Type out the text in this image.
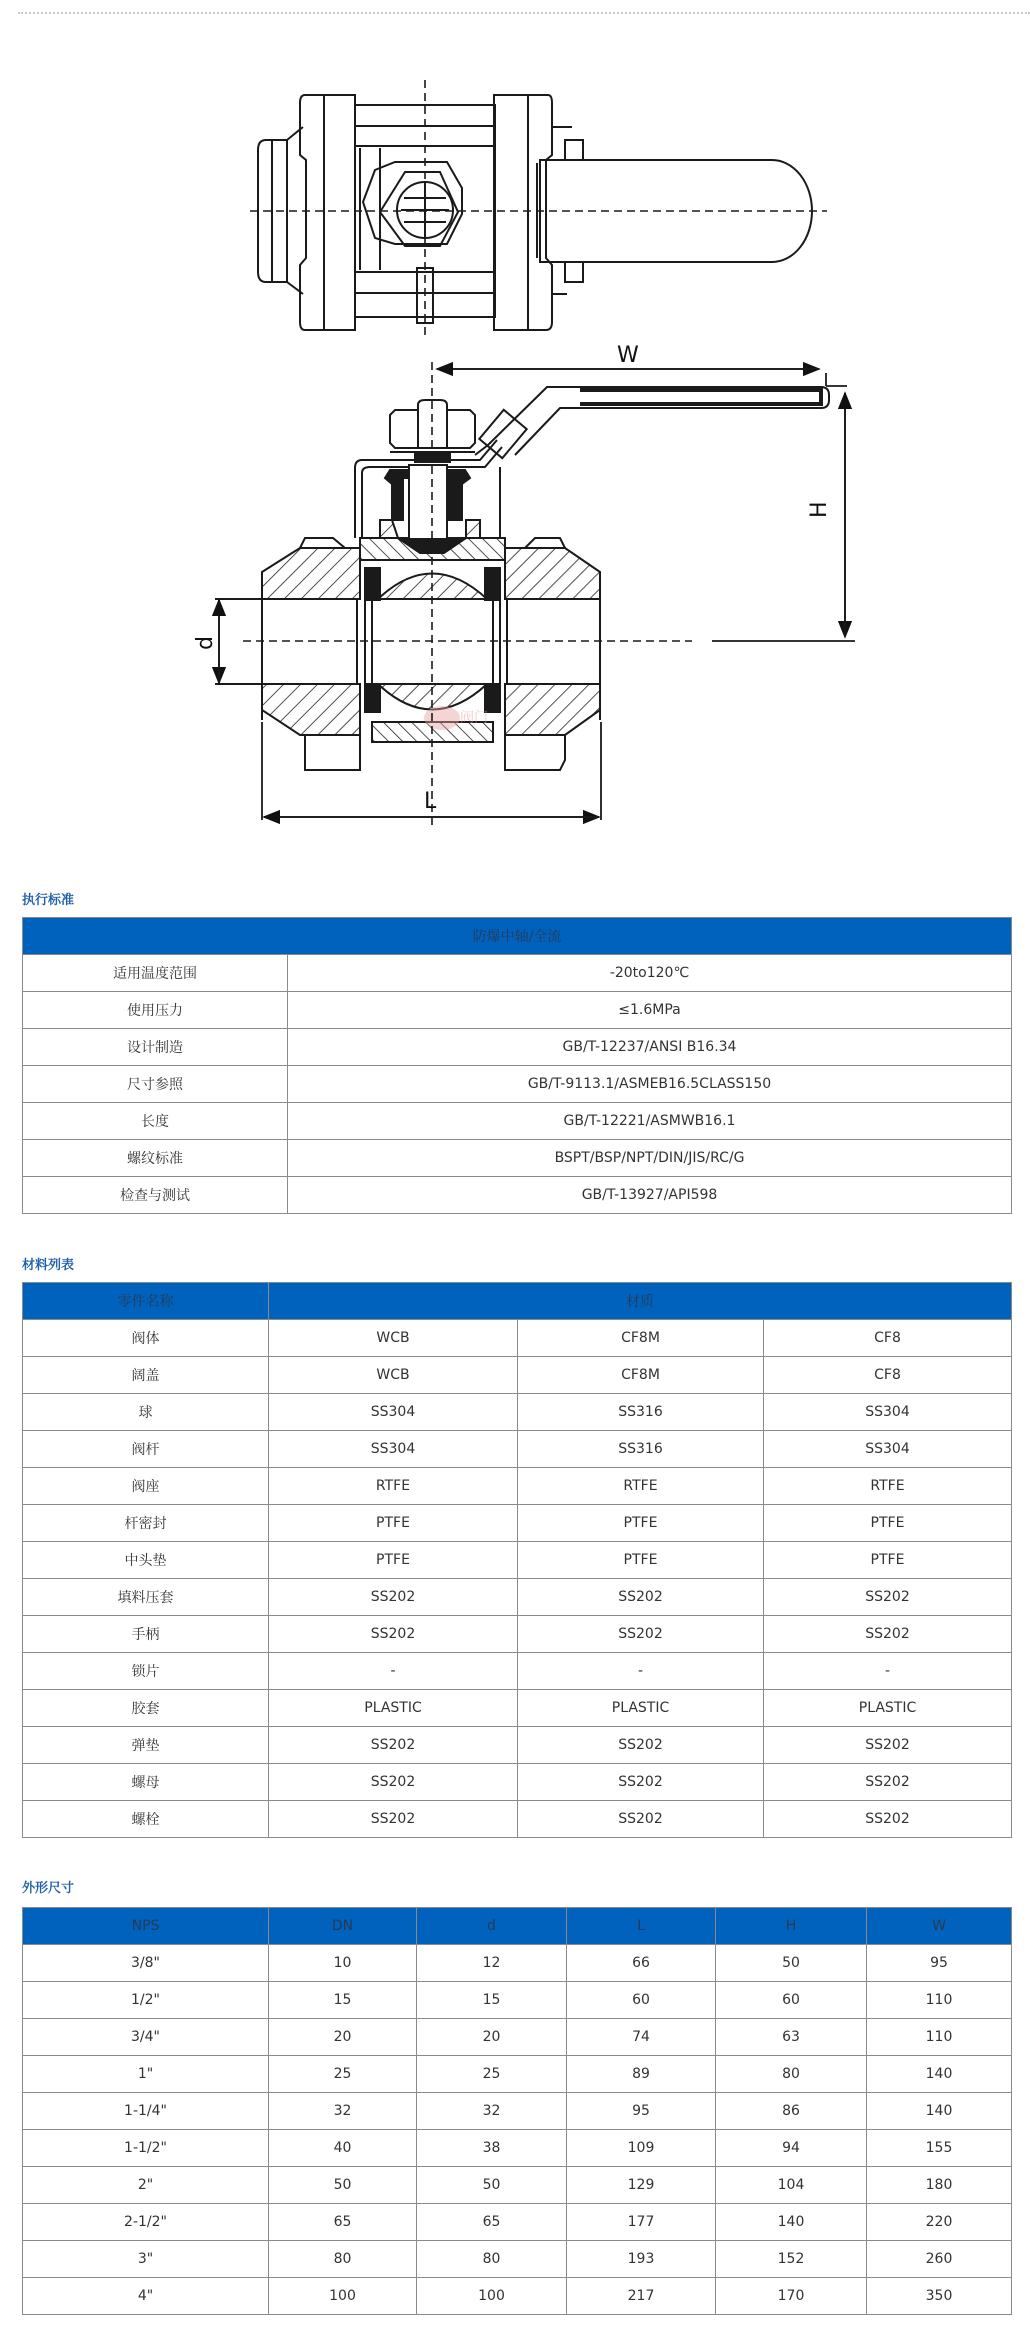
阀门
W
H
d
L
执行标准
防爆中轴/全流	
适用温度范围	-20to120℃
使用压力	≤1.6MPa
设计制造	GB/T-12237/ANSI B16.34
尺寸参照	GB/T-9113.1/ASMEB16.5CLASS150
长度	GB/T-12221/ASMWB16.1
螺纹标准	BSPT/BSP/NPT/DIN/JIS/RC/G
检查与测试	GB/T-13927/API598
材料列表
零件名称	材质		
阀体	WCB	CF8M	CF8
阔盖	WCB	CF8M	CF8
球	SS304	SS316	SS304
阀杆	SS304	SS316	SS304
阀座	RTFE	RTFE	RTFE
杆密封	PTFE	PTFE	PTFE
中头垫	PTFE	PTFE	PTFE
填料压套	SS202	SS202	SS202
手柄	SS202	SS202	SS202
锁片	-	-	-
胶套	PLASTIC	PLASTIC	PLASTIC
弹垫	SS202	SS202	SS202
螺母	SS202	SS202	SS202
螺栓	SS202	SS202	SS202
外形尺寸
NPS	DN	d	L	H	W
3/8"	10	12	66	50	95
1/2"	15	15	60	60	110
3/4"	20	20	74	63	110
1"	25	25	89	80	140
1-1/4"	32	32	95	86	140
1-1/2"	40	38	109	94	155
2"	50	50	129	104	180
2-1/2"	65	65	177	140	220
3"	80	80	193	152	260
4"	100	100	217	170	350
